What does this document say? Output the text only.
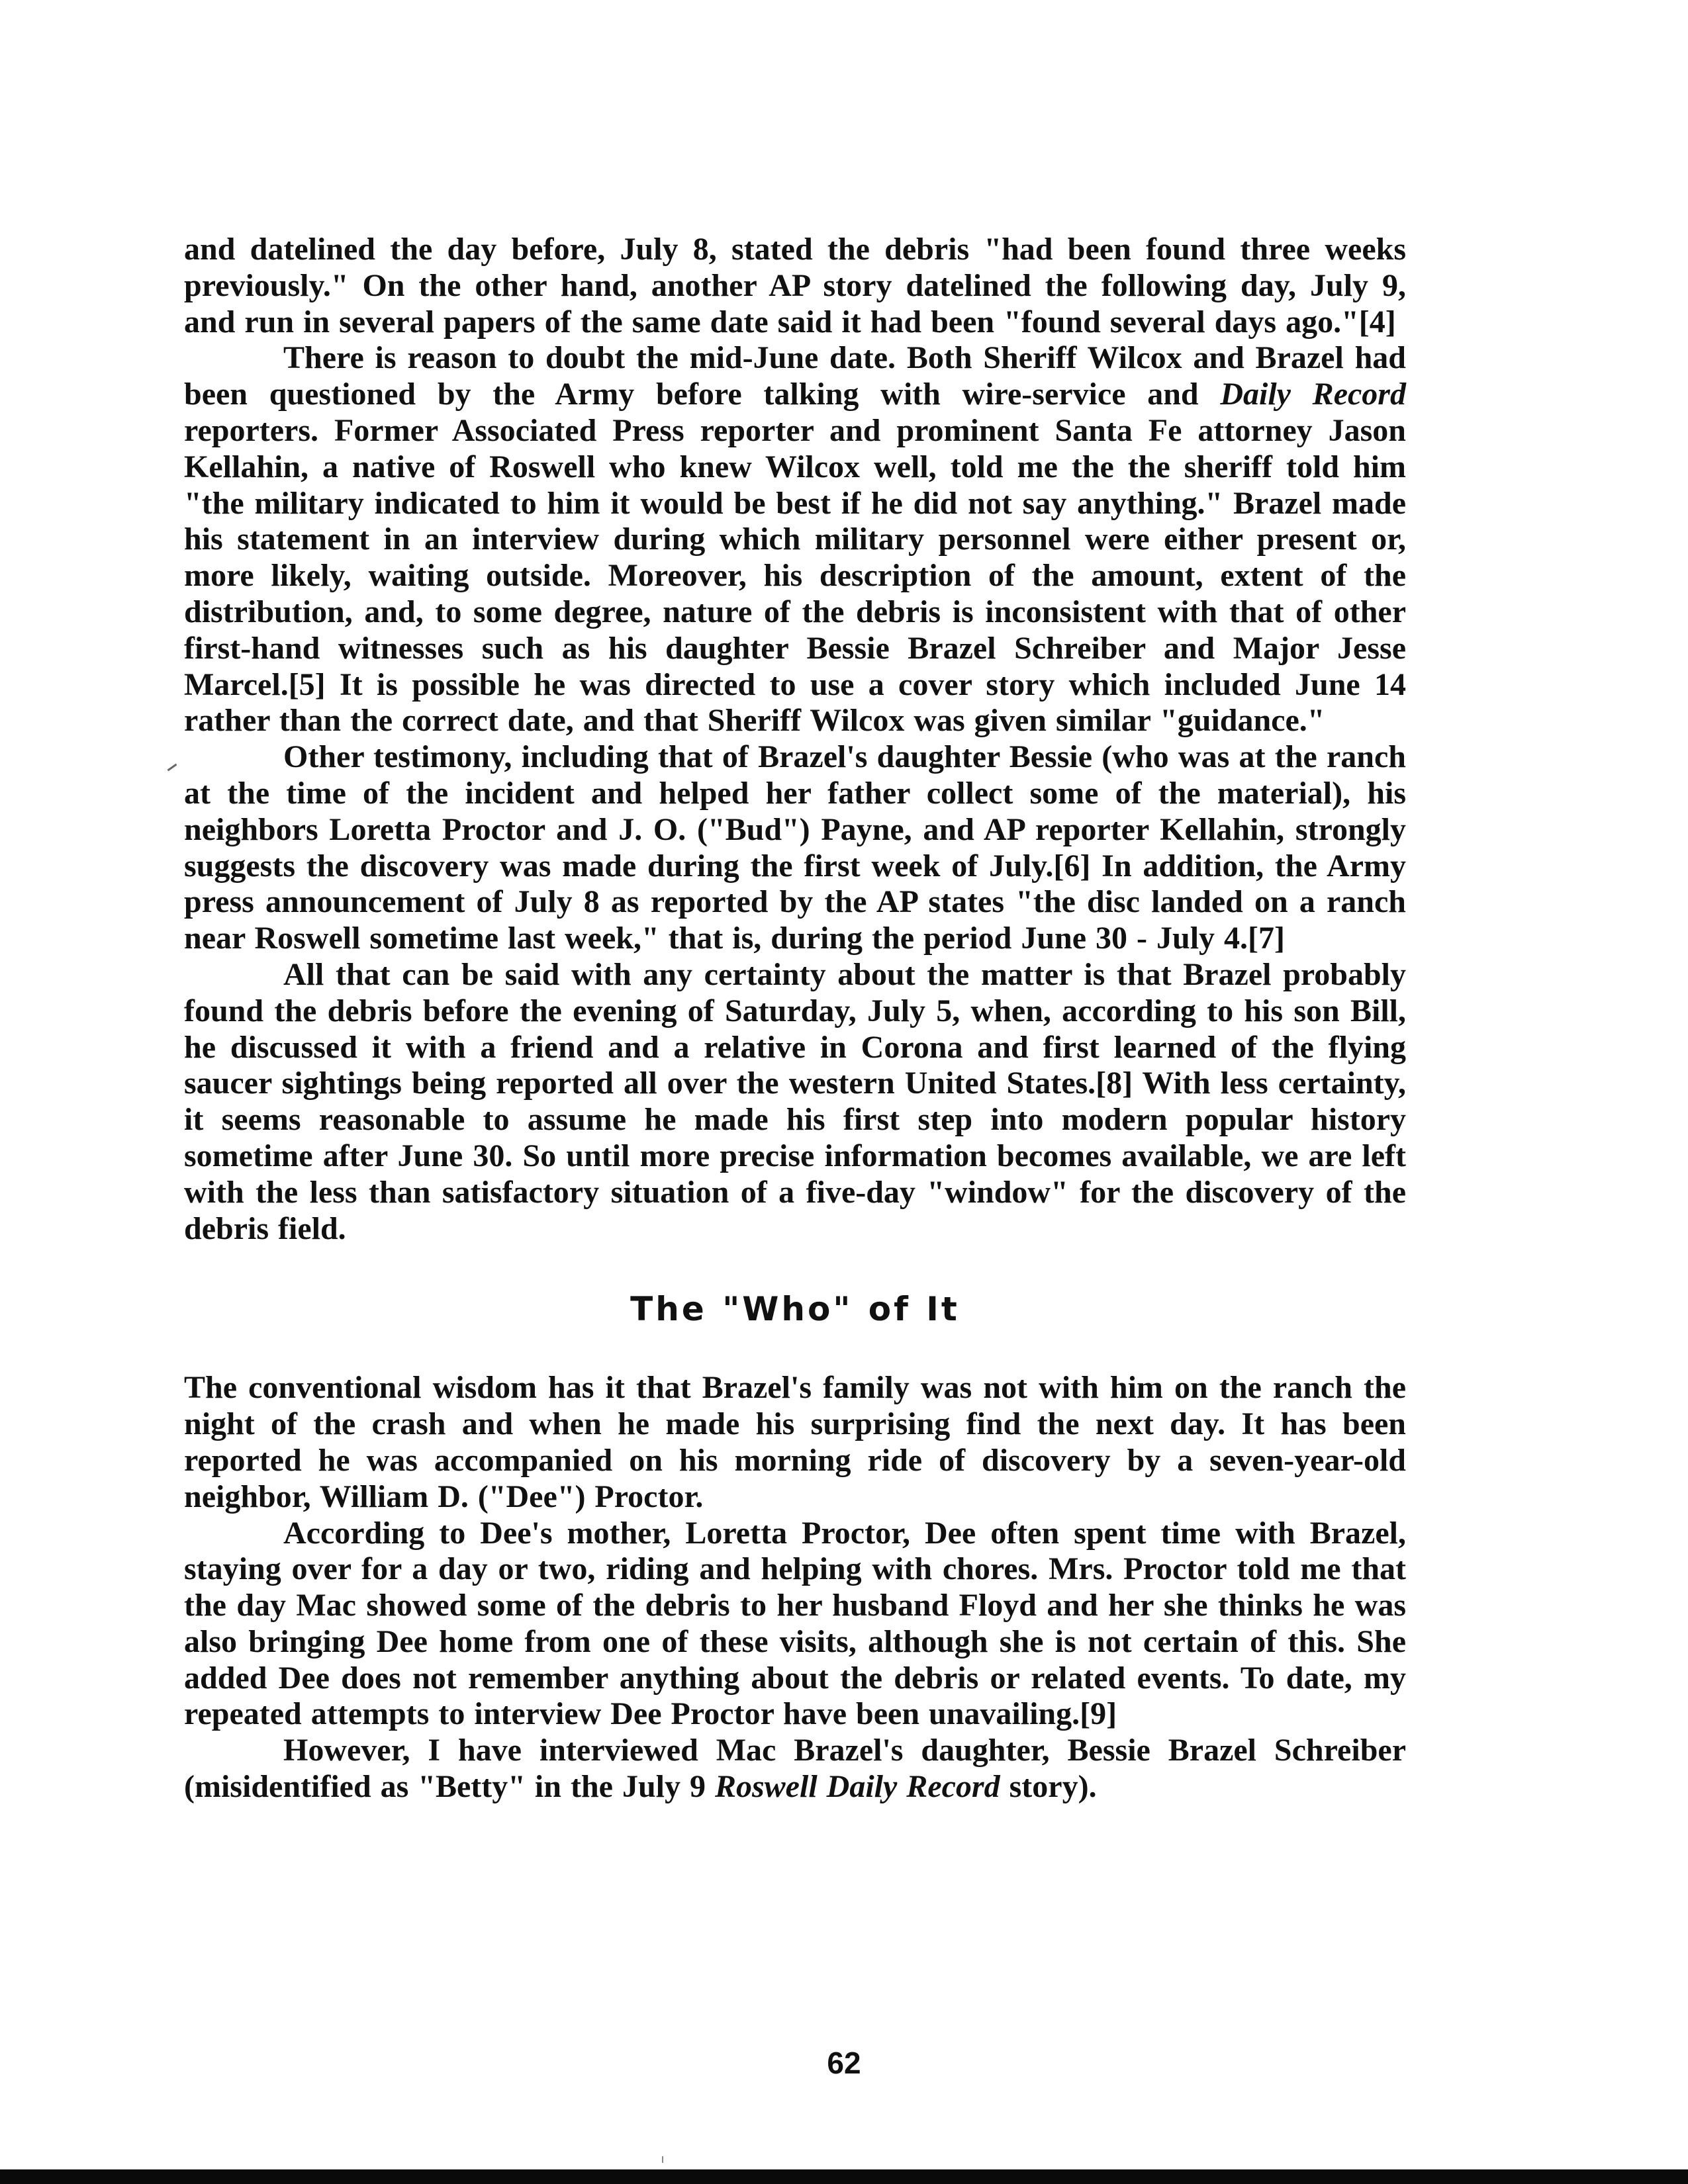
and datelined the day before, July 8, stated the debris "had been found three weeks previously." On the other hand, another AP story datelined the following day, July 9, and run in several papers of the same date said it had been "found several days ago."[4]

There is reason to doubt the mid-June date. Both Sheriff Wilcox and Brazel had been questioned by the Army before talking with wire-service and Daily Record reporters. Former Associated Press reporter and prominent Santa Fe attorney Jason Kellahin, a native of Roswell who knew Wilcox well, told me the the sheriff told him "the military indicated to him it would be best if he did not say anything." Brazel made his statement in an interview during which military personnel were either present or, more likely, waiting outside. Moreover, his description of the amount, extent of the distribution, and, to some degree, nature of the debris is inconsistent with that of other first-hand witnesses such as his daughter Bessie Brazel Schreiber and Major Jesse Marcel.[5] It is possible he was directed to use a cover story which included June 14 rather than the correct date, and that Sheriff Wilcox was given similar "guidance."

Other testimony, including that of Brazel's daughter Bessie (who was at the ranch at the time of the incident and helped her father collect some of the material), his neighbors Loretta Proctor and J. O. ("Bud") Payne, and AP reporter Kellahin, strongly suggests the discovery was made during the first week of July.[6] In addition, the Army press announcement of July 8 as reported by the AP states "the disc landed on a ranch near Roswell sometime last week," that is, during the period June 30 - July 4.[7]

All that can be said with any certainty about the matter is that Brazel probably found the debris before the evening of Saturday, July 5, when, according to his son Bill, he discussed it with a friend and a relative in Corona and first learned of the flying saucer sightings being reported all over the western United States.[8] With less certainty, it seems reasonable to assume he made his first step into modern popular history sometime after June 30. So until more precise information becomes available, we are left with the less than satisfactory situation of a five-day "window" for the discovery of the debris field.

The "Who" of It

The conventional wisdom has it that Brazel's family was not with him on the ranch the night of the crash and when he made his surprising find the next day. It has been reported he was accompanied on his morning ride of discovery by a seven-year-old neighbor, William D. ("Dee") Proctor.

According to Dee's mother, Loretta Proctor, Dee often spent time with Brazel, staying over for a day or two, riding and helping with chores. Mrs. Proctor told me that the day Mac showed some of the debris to her husband Floyd and her she thinks he was also bringing Dee home from one of these visits, although she is not certain of this. She added Dee does not remember anything about the debris or related events. To date, my repeated attempts to interview Dee Proctor have been unavailing.[9]

However, I have interviewed Mac Brazel's daughter, Bessie Brazel Schreiber (misidentified as "Betty" in the July 9 Roswell Daily Record story).

62
